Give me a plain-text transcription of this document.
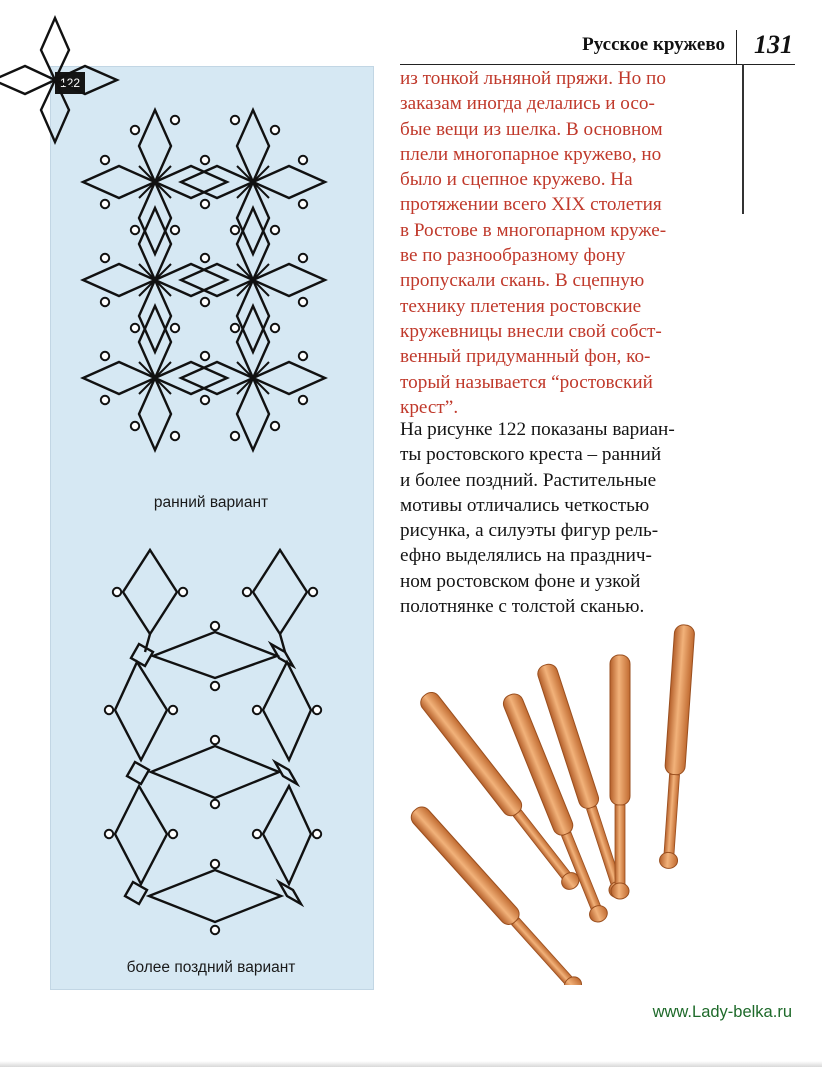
Русское кружево 131
122
ранний вариант
более поздний вариант
из тонкой льняной пряжи. Но по
заказам иногда делались и осо-
бые вещи из шелка. В основном
плели многопарное кружево, но
было и сцепное кружево. На
протяжении всего XIX столетия
в Ростове в многопарном круже-
ве по разнообразному фону
пропускали скань. В сцепную
технику плетения ростовские
кружевницы внесли свой собст-
венный придуманный фон, ко-
торый называется “ростовский
крест”.
На рисунке 122 показаны вариан-
ты ростовского креста – ранний
и более поздний. Растительные
мотивы отличались четкостью
рисунка, а силуэты фигур рель-
ефно выделялись на празднич-
ном ростовском фоне и узкой
полотнянке с толстой сканью.
www.Lady-belka.ru
